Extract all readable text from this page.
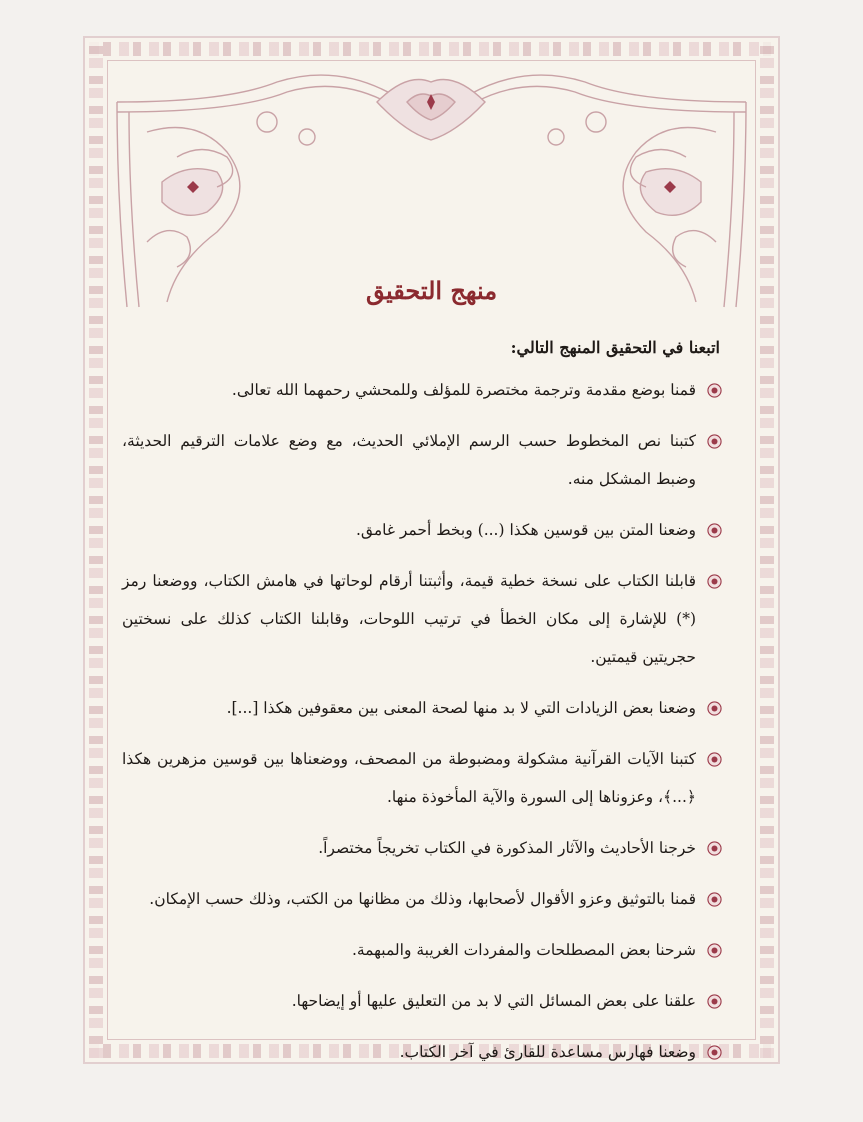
منهج التحقيق

اتبعنا في التحقيق المنهج التالي:

قمنا بوضع مقدمة وترجمة مختصرة للمؤلف وللمحشي رحمهما الله تعالى.
كتبنا نص المخطوط حسب الرسم الإملائي الحديث، مع وضع علامات الترقيم الحديثة، وضبط المشكل منه.
وضعنا المتن بين قوسين هكذا (...) وبخط أحمر غامق.
قابلنا الكتاب على نسخة خطية قيمة، وأثبتنا أرقام لوحاتها في هامش الكتاب، ووضعنا رمز (*) للإشارة إلى مكان الخطأ في ترتيب اللوحات، وقابلنا الكتاب كذلك على نسختين حجريتين قيمتين.
وضعنا بعض الزيادات التي لا بد منها لصحة المعنى بين معقوفين هكذا [...].
كتبنا الآيات القرآنية مشكولة ومضبوطة من المصحف، ووضعناها بين قوسين مزهرين هكذا ﴿...﴾، وعزوناها إلى السورة والآية المأخوذة منها.
خرجنا الأحاديث والآثار المذكورة في الكتاب تخريجاً مختصراً.
قمنا بالتوثيق وعزو الأقوال لأصحابها، وذلك من مظانها من الكتب، وذلك حسب الإمكان.
شرحنا بعض المصطلحات والمفردات الغريبة والمبهمة.
علقنا على بعض المسائل التي لا بد من التعليق عليها أو إيضاحها.
وضعنا فهارس مساعدة للقارئ في آخر الكتاب.
